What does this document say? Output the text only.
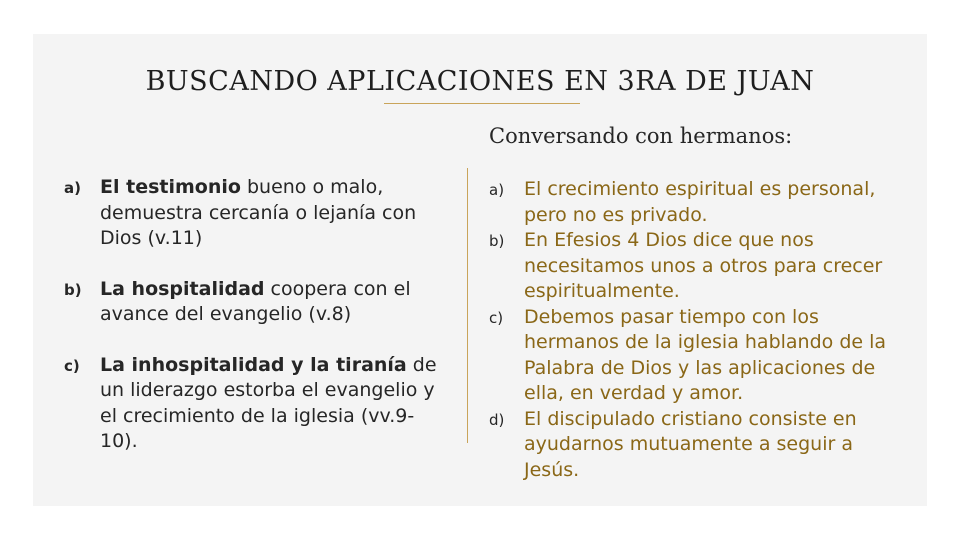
BUSCANDO APLICACIONES EN 3RA DE JUAN
a) El testimonio bueno o malo, demuestra cercanía o lejanía con Dios (v.11)
b) La hospitalidad coopera con el avance del evangelio (v.8)
c) La inhospitalidad y la tiranía de un liderazgo estorba el evangelio y el crecimiento de la iglesia (vv.9-10).
Conversando con hermanos:
a) El crecimiento espiritual es personal, pero no es privado.
b) En Efesios 4 Dios dice que nos necesitamos unos a otros para crecer espiritualmente.
c) Debemos pasar tiempo con los hermanos de la iglesia hablando de la Palabra de Dios y las aplicaciones de ella, en verdad y amor.
d) El discipulado cristiano consiste en ayudarnos mutuamente a seguir a Jesús.
